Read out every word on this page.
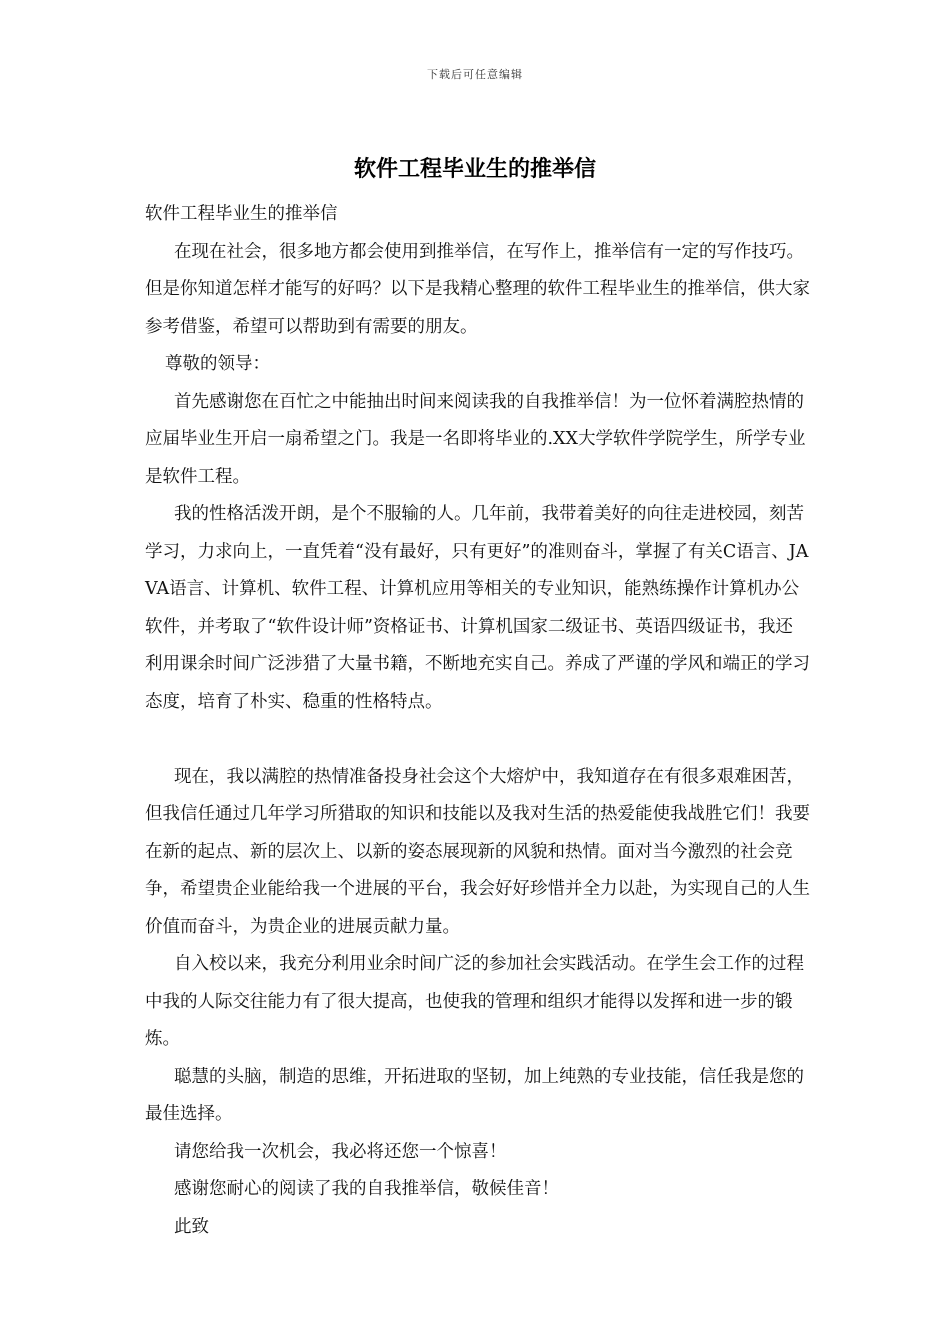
下载后可任意编辑
软件工程毕业生的推举信

软件工程毕业生的推举信

在现在社会，很多地方都会使用到推举信，在写作上，推举信有一定的写作技巧。但是你知道怎样才能写的好吗？以下是我精心整理的软件工程毕业生的推举信，供大家参考借鉴，希望可以帮助到有需要的朋友。

尊敬的领导：

首先感谢您在百忙之中能抽出时间来阅读我的自我推举信！为一位怀着满腔热情的应届毕业生开启一扇希望之门。我是一名即将毕业的.XX大学软件学院学生，所学专业是软件工程。

我的性格活泼开朗，是个不服输的人。几年前，我带着美好的向往走进校园，刻苦学习，力求向上，一直凭着“没有最好，只有更好”的准则奋斗，掌握了有关C语言、JAVA语言、计算机、软件工程、计算机应用等相关的专业知识，能熟练操作计算机办公软件，并考取了“软件设计师”资格证书、计算机国家二级证书、英语四级证书，我还利用课余时间广泛涉猎了大量书籍，不断地充实自己。养成了严谨的学风和端正的学习态度，培育了朴实、稳重的性格特点。

现在，我以满腔的热情准备投身社会这个大熔炉中，我知道存在有很多艰难困苦，但我信任通过几年学习所猎取的知识和技能以及我对生活的热爱能使我战胜它们！我要在新的起点、新的层次上、以新的姿态展现新的风貌和热情。面对当今激烈的社会竞争，希望贵企业能给我一个进展的平台，我会好好珍惜并全力以赴，为实现自己的人生价值而奋斗，为贵企业的进展贡献力量。

自入校以来，我充分利用业余时间广泛的参加社会实践活动。在学生会工作的过程中我的人际交往能力有了很大提高，也使我的管理和组织才能得以发挥和进一步的锻炼。

聪慧的头脑，制造的思维，开拓进取的坚韧，加上纯熟的专业技能，信任我是您的最佳选择。

请您给我一次机会，我必将还您一个惊喜！

感谢您耐心的阅读了我的自我推举信，敬候佳音！

此致
